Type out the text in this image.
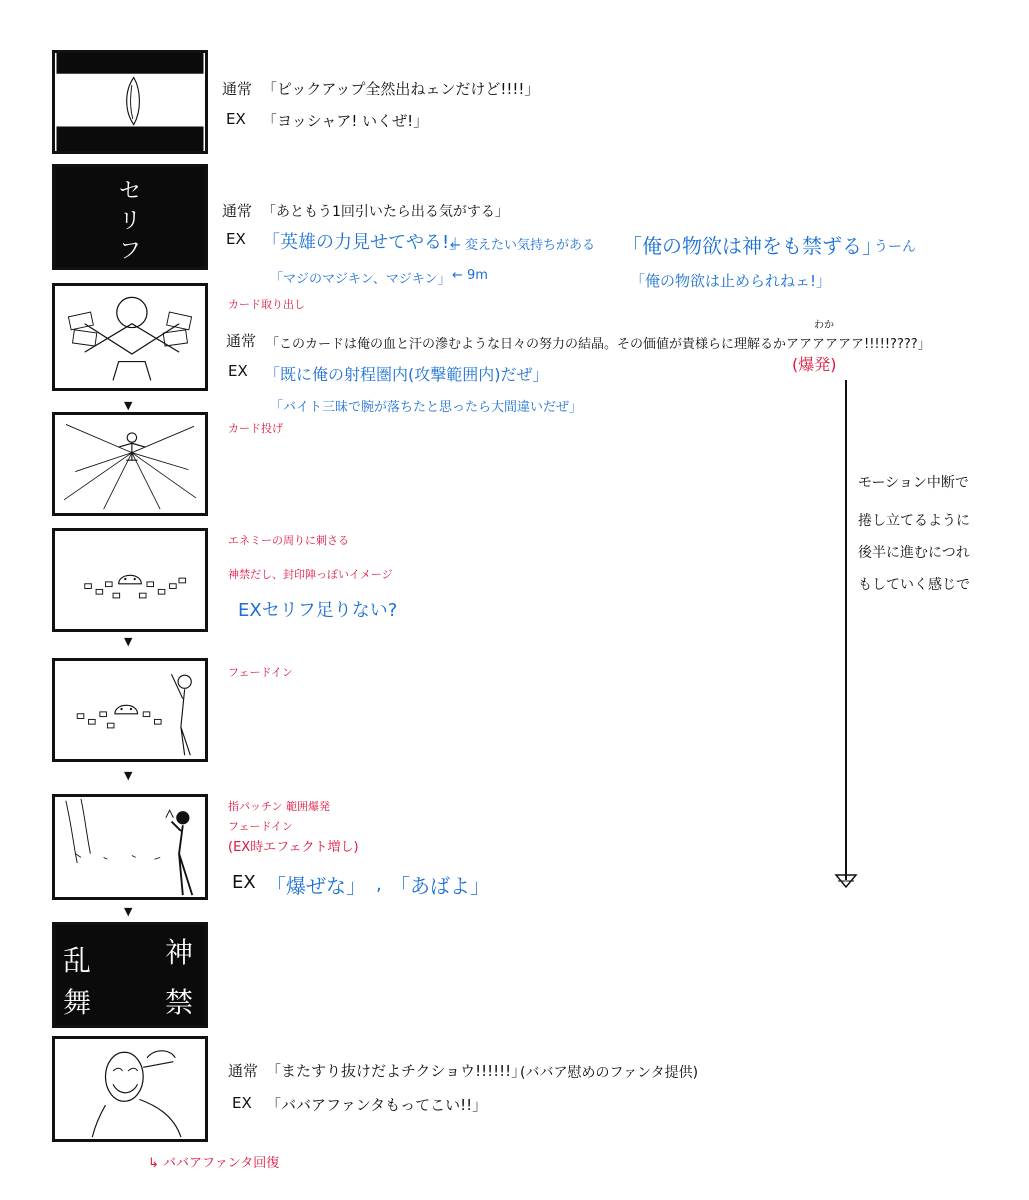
通常 「ピックアップ全然出ねェンだけど!!!!」
EX 「ヨッシャア! いくぜ!」
セリフ
通常 「あともう1回引いたら出る気がする」
EX 「英雄の力見せてやる!」
← 変えたい気持ちがある 「俺の物欲は神をも禁ずる」
うーん
「マジのマジキン、マジキン」 ← 9m	「俺の物欲は止められねェ!」
カード取り出し
通常 「このカードは俺の血と汗の滲むような日々の努力の結晶。その価値が貴様らに理解るかアアアアアア!!!!!????」
わか
(爆発)
EX 「既に俺の射程圏内(攻撃範囲内)だぜ」
「バイト三昧で腕が落ちたと思ったら大間違いだぜ」
▼
カード投げ
モーション中断で
捲し立てるように
後半に進むにつれ
もしていく感じで
エネミーの周りに刺さる
神禁だし、封印陣っぽいイメージ
EXセリフ足りない?
▼
フェードイン
▼
指パッチン 範囲爆発
フェードイン
(EX時エフェクト増し)
EX 「爆ぜな」 , 「あばよ」
▼
乱
舞
神
禁
通常 「またすり抜けだよチクショウ!!!!!!」
(ババア慰めのファンタ提供)
EX 「ババアファンタもってこい!!」
↳ ババアファンタ回復
